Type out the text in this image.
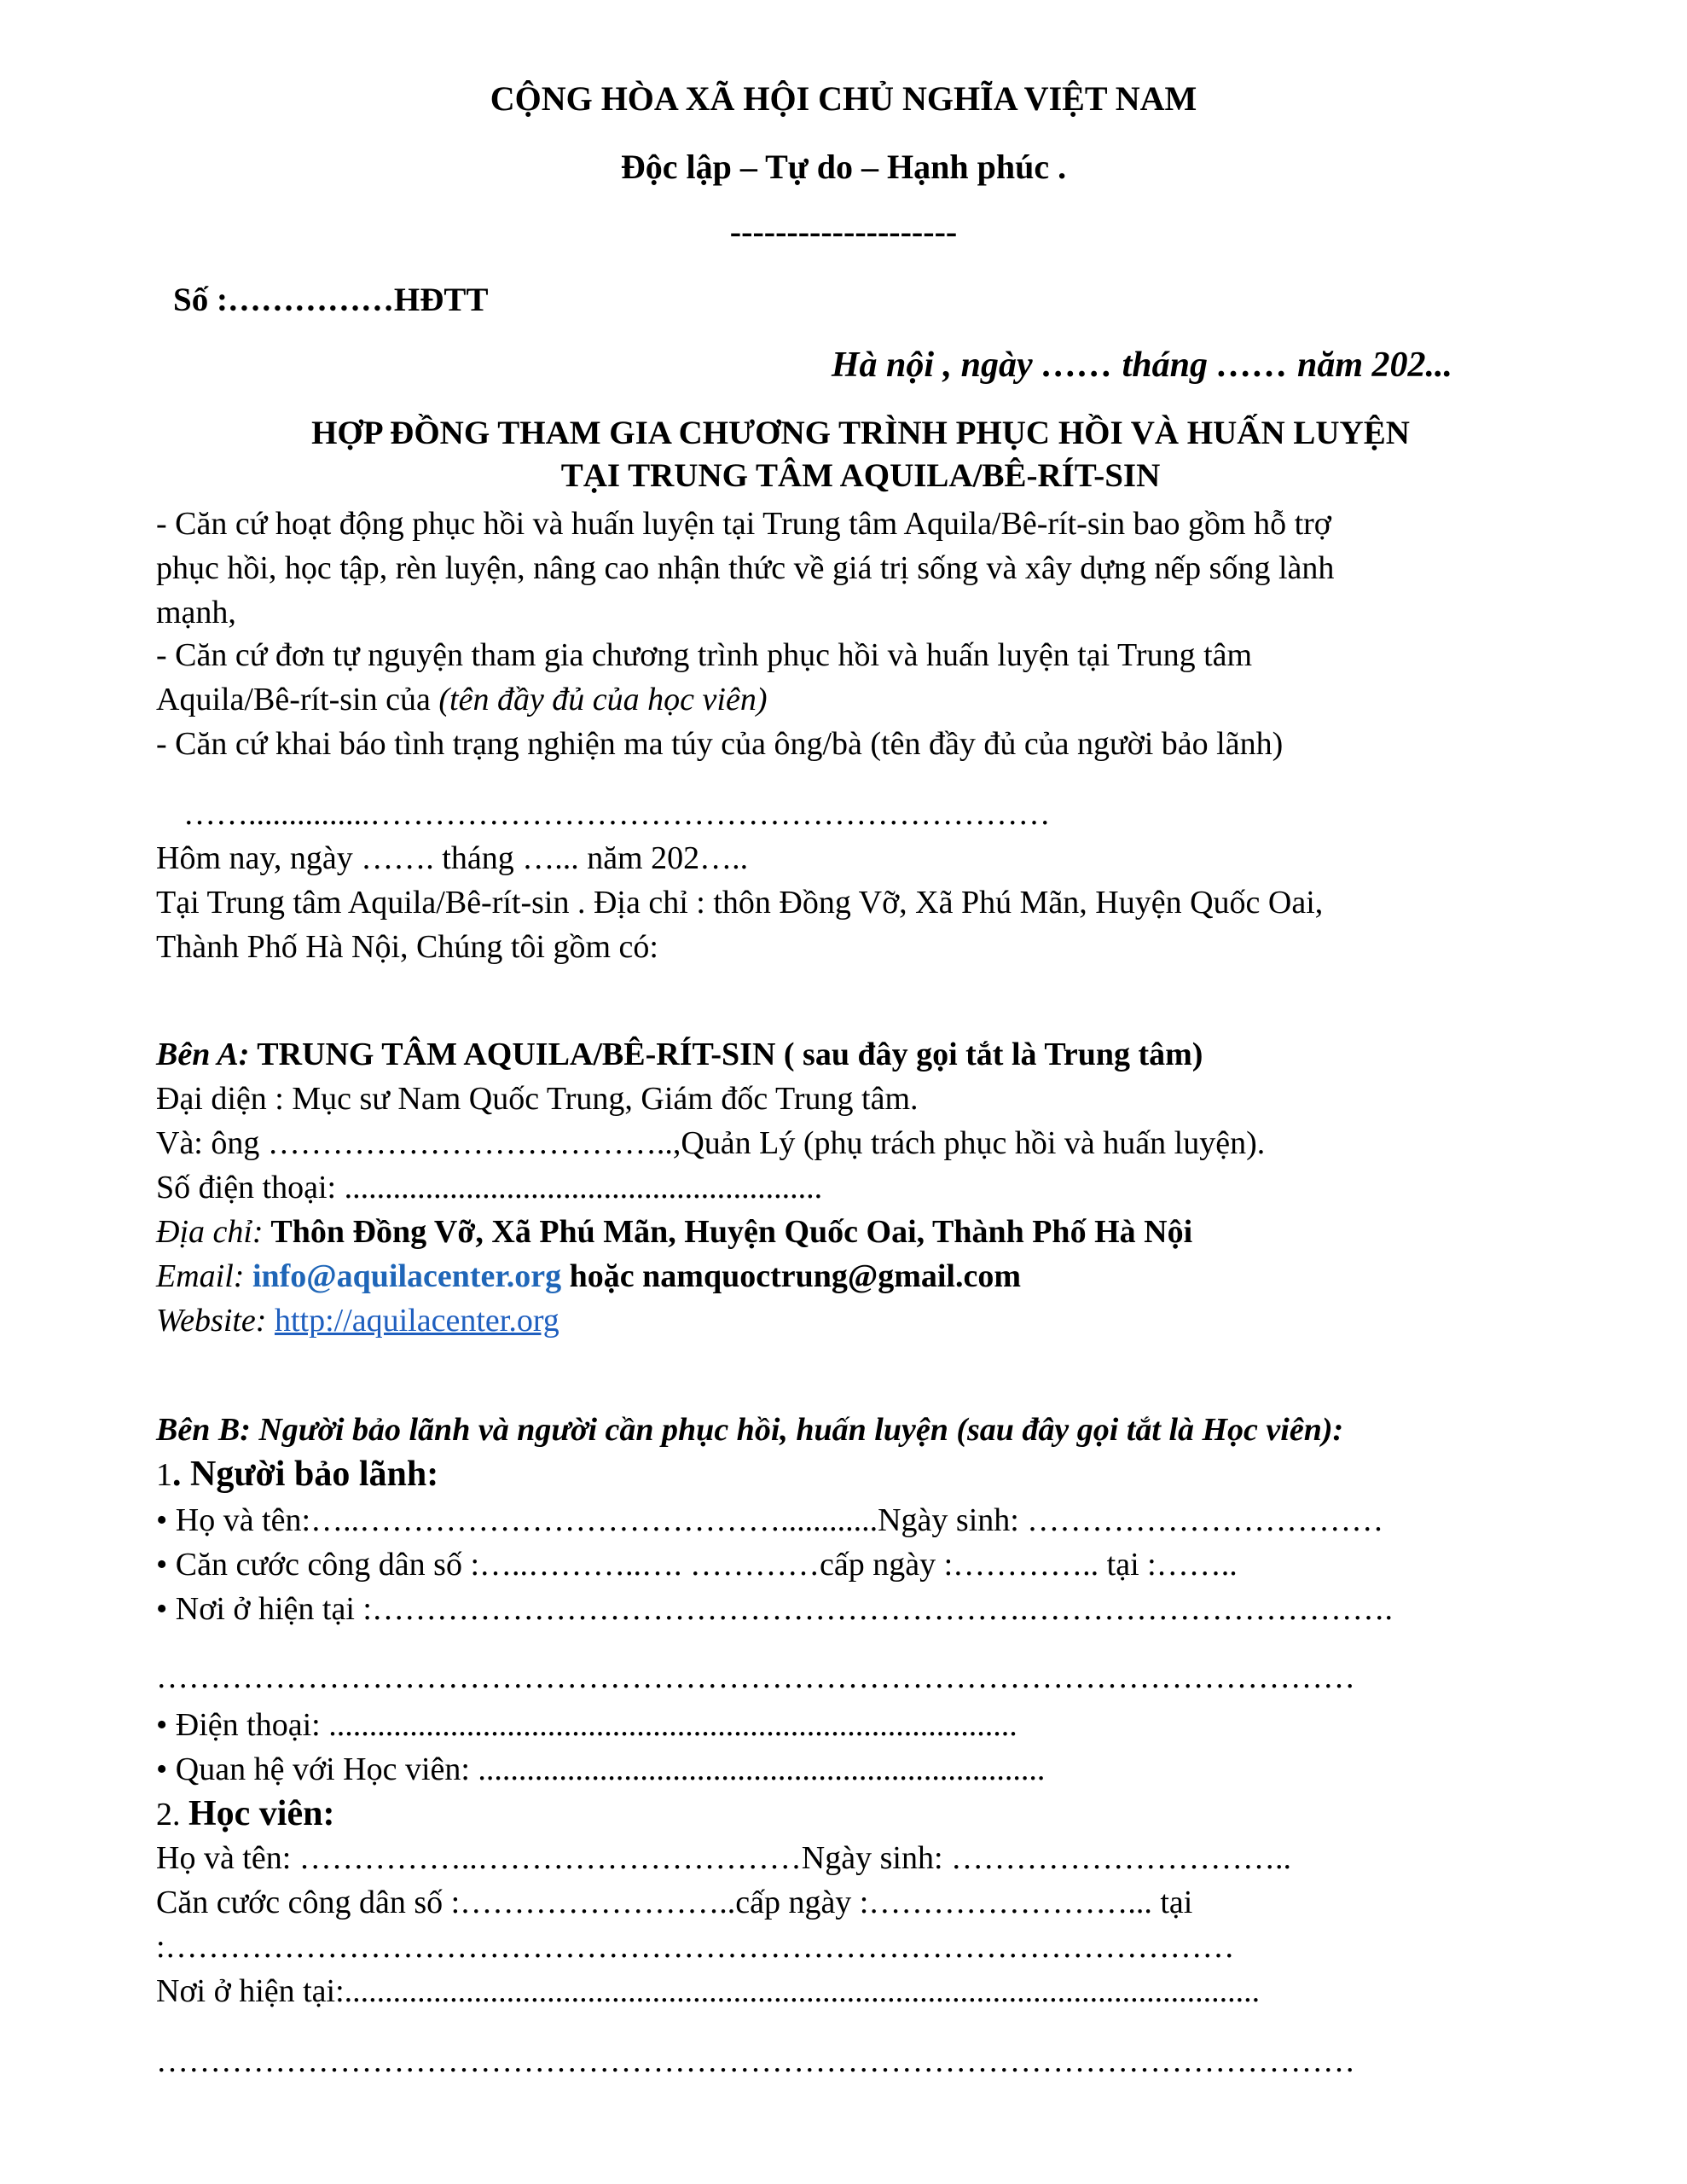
CỘNG HÒA XÃ HỘI CHỦ NGHĨA VIỆT NAM
Độc lập – Tự do – Hạnh phúc .
--------------------
Số :……………HĐTT
Hà nội , ngày …… tháng …… năm 202...
HỢP ĐỒNG THAM GIA CHƯƠNG TRÌNH PHỤC HỒI VÀ HUẤN LUYỆN
TẠI TRUNG TÂM AQUILA/BÊ-RÍT-SIN
- Căn cứ hoạt động phục hồi và huấn luyện tại Trung tâm Aquila/Bê-rít-sin bao gồm hỗ trợ
phục hồi, học tập, rèn luyện, nâng cao nhận thức về giá trị sống và xây dựng nếp sống lành
mạnh,
- Căn cứ đơn tự nguyện tham gia chương trình phục hồi và huấn luyện tại Trung tâm
Aquila/Bê-rít-sin của (tên đầy đủ của học viên)
- Căn cứ khai báo tình trạng nghiện ma túy của ông/bà (tên đầy đủ của người bảo lãnh)
……...............………………………………………………………
Hôm nay, ngày ……. tháng …... năm 202…..
Tại Trung tâm Aquila/Bê-rít-sin . Địa chỉ : thôn Đồng Vỡ, Xã Phú Mãn, Huyện Quốc Oai,
Thành Phố Hà Nội, Chúng tôi gồm có:
Bên A: TRUNG TÂM AQUILA/BÊ-RÍT-SIN ( sau đây gọi tắt là Trung tâm)
Đại diện : Mục sư Nam Quốc Trung, Giám đốc Trung tâm.
Và: ông ………………………………..,Quản Lý (phụ trách phục hồi và huấn luyện).
Số điện thoại: ...........................................................
Địa chỉ: Thôn Đồng Vỡ, Xã Phú Mãn, Huyện Quốc Oai, Thành Phố Hà Nội
Email: info@aquilacenter.org hoặc namquoctrung@gmail.com
Website: http://aquilacenter.org
Bên B: Người bảo lãnh và người cần phục hồi, huấn luyện (sau đây gọi tắt là Học viên):
1. Người bảo lãnh:
• Họ và tên:…..…………………………………............Ngày sinh: ……………………………
• Căn cước công dân số :…..………..…. …………cấp ngày :………….. tại :……..
• Nơi ở hiện tại :…………………………………………………….…………………………….
…………………………………………………………………………………………………
• Điện thoại: .....................................................................................
• Quan hệ với Học viên: ......................................................................
2. Học viên:
Họ và tên: ……………..…………………………Ngày sinh: …………………………..
Căn cước công dân số :……………………..cấp ngày :……………………... tại
:………………………………………………………………………………………
Nơi ở hiện tại:.................................................................................................................
…………………………………………………………………………………………………
